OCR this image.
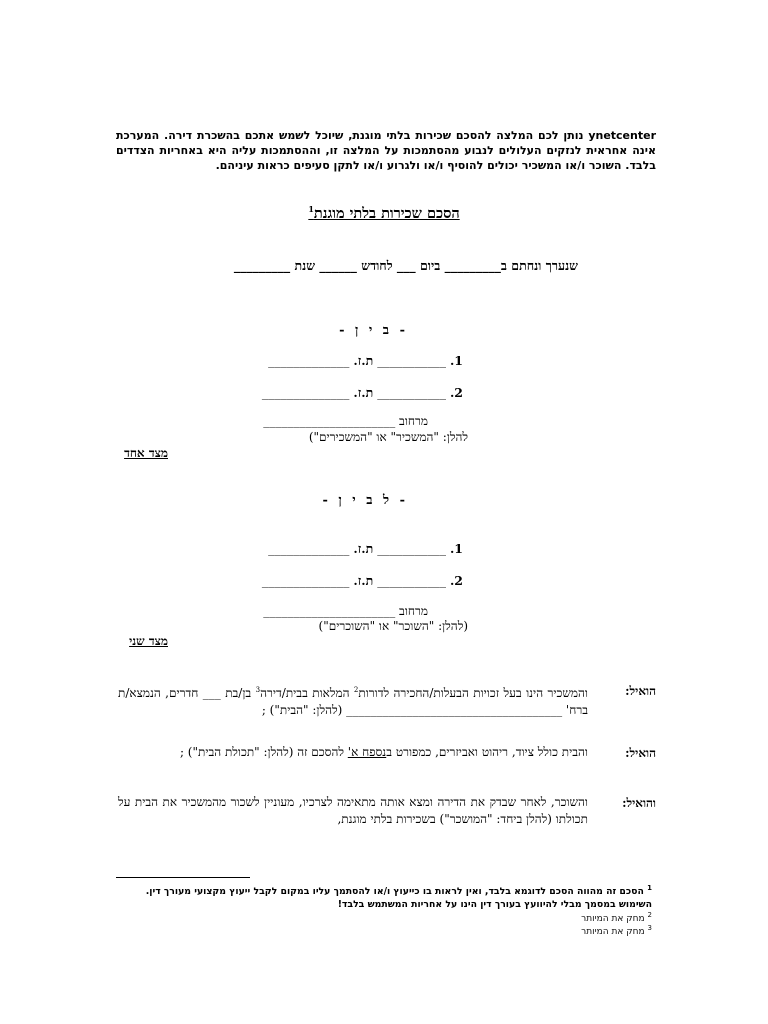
ynetcenter נותן לכם המלצה להסכם שכירות בלתי מוגנת, שיוכל לשמש אתכם בהשכרת דירה. המערכת אינה אחראית לנזקים העלולים לנבוע מהסתמכות על המלצה זו, וההסתמכות עליה היא באחריות הצדדים בלבד. השוכר ו/או המשכיר יכולים להוסיף ו/או ולגרוע ו/או לתקן סעיפים כראות עיניהם.
הסכם שכירות בלתי מוגנת$^1$
שנערך ונחתם ב_________ ביום ___ לחודש ______ שנת _________
- ב י ן -
1. ___________ ת.ז. _____________
2. ___________ ת.ז. ______________
מרחוב ______________________
להלן: "המשכיר" או "המשכירים")
מצד אחד
- ל ב י ן -
1. ___________ ת.ז. _____________
2. ___________ ת.ז. ______________
מרחוב ______________________
(להלן: "השוכר" או "השוכרים")
מצד שני
הואיל:
והמשכיר הינו בעל זכויות הבעלות/החכירה לדורות$^2$ המלאות בבית/דירה$^3$ בן/בת ___ חדרים, הנמצא/ת ברח' ____________________________________ (להלן: "הבית") ;
הואיל:
והבית כולל ציוד, ריהוט ואביזרים, כמפורט בנספח א' להסכם זה (להלן: "תכולת הבית") ;
והואיל:
והשוכר, לאחר שבדק את הדירה ומצא אותה מתאימה לצרכיו, מעוניין לשכור מהמשכיר את הבית על תכולתו (להלן ביחד: "המושכר") בשכירות בלתי מוגנת,
$^1$ הסכם זה מהווה הסכם לדוגמא בלבד, ואין לראות בו כייעוץ ו/או להסתמך עליו במקום לקבל ייעוץ מקצועי מעורך דין. השימוש במסמך מבלי להיוועץ בעורך דין הינו על אחריות המשתמש בלבד!
$^2$ מחק את המיותר
$^3$ מחק את המיותר
